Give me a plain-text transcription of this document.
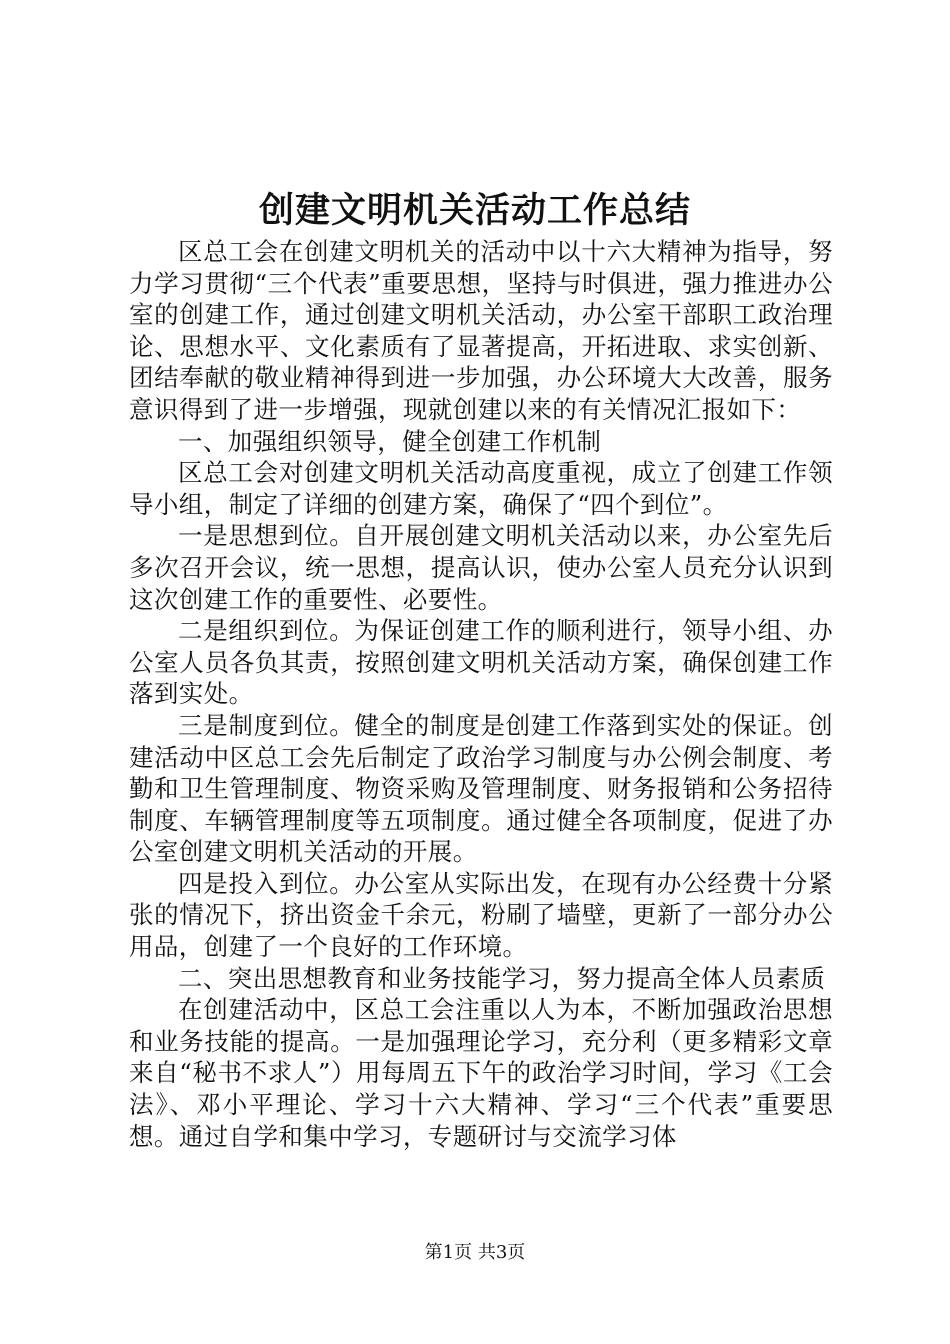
创建文明机关活动工作总结

区总工会在创建文明机关的活动中以十六大精神为指导，努力学习贯彻“三个代表”重要思想，坚持与时俱进，强力推进办公室的创建工作，通过创建文明机关活动，办公室干部职工政治理论、思想水平、文化素质有了显著提高，开拓进取、求实创新、团结奉献的敬业精神得到进一步加强，办公环境大大改善，服务意识得到了进一步增强，现就创建以来的有关情况汇报如下：

一、加强组织领导，健全创建工作机制

区总工会对创建文明机关活动高度重视，成立了创建工作领导小组，制定了详细的创建方案，确保了“四个到位”。

一是思想到位。自开展创建文明机关活动以来，办公室先后多次召开会议，统一思想，提高认识，使办公室人员充分认识到这次创建工作的重要性、必要性。

二是组织到位。为保证创建工作的顺利进行，领导小组、办公室人员各负其责，按照创建文明机关活动方案，确保创建工作落到实处。

三是制度到位。健全的制度是创建工作落到实处的保证。创建活动中区总工会先后制定了政治学习制度与办公例会制度、考勤和卫生管理制度、物资采购及管理制度、财务报销和公务招待制度、车辆管理制度等五项制度。通过健全各项制度，促进了办公室创建文明机关活动的开展。

四是投入到位。办公室从实际出发，在现有办公经费十分紧张的情况下，挤出资金千余元，粉刷了墙壁，更新了一部分办公用品，创建了一个良好的工作环境。

二、突出思想教育和业务技能学习，努力提高全体人员素质

在创建活动中，区总工会注重以人为本，不断加强政治思想和业务技能的提高。一是加强理论学习，充分利（更多精彩文章来自“秘书不求人”）用每周五下午的政治学习时间，学习《工会法》、邓小平理论、学习十六大精神、学习“三个代表”重要思想。通过自学和集中学习，专题研讨与交流学习体

第1页 共3页
